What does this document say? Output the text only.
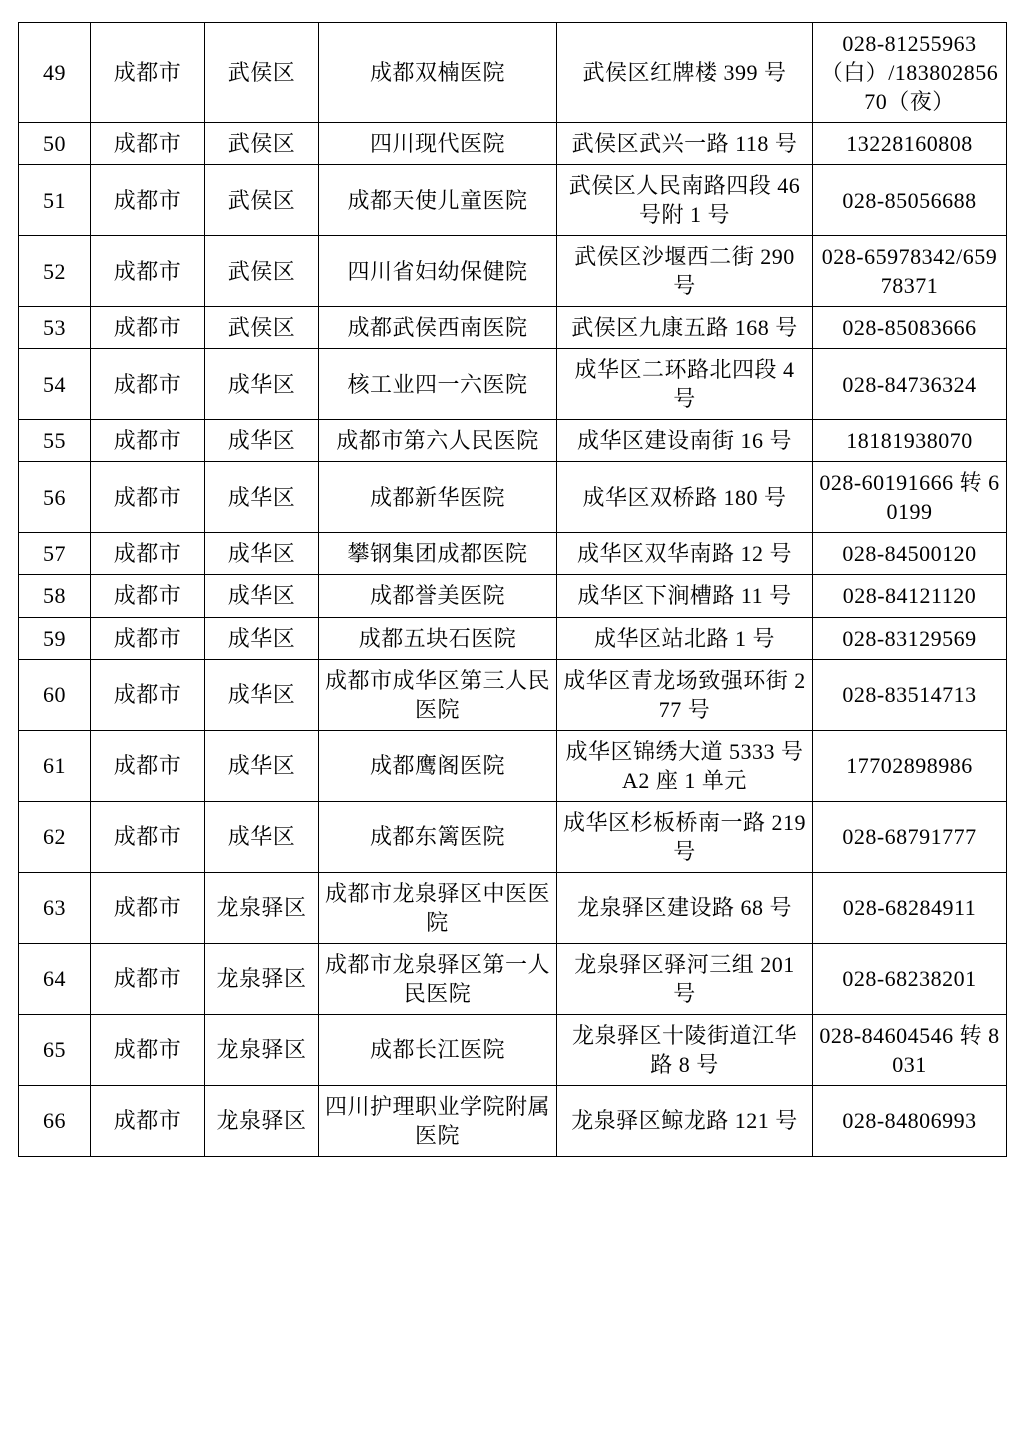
49	成都市	武侯区	成都双楠医院	武侯区红牌楼 399 号	028-81255963（白）/18380285670（夜）
50	成都市	武侯区	四川现代医院	武侯区武兴一路 118 号	13228160808
51	成都市	武侯区	成都天使儿童医院	武侯区人民南路四段 46 号附 1 号	028-85056688
52	成都市	武侯区	四川省妇幼保健院	武侯区沙堰西二街 290 号	028-65978342/65978371
53	成都市	武侯区	成都武侯西南医院	武侯区九康五路 168 号	028-85083666
54	成都市	成华区	核工业四一六医院	成华区二环路北四段 4 号	028-84736324
55	成都市	成华区	成都市第六人民医院	成华区建设南街 16 号	18181938070
56	成都市	成华区	成都新华医院	成华区双桥路 180 号	028-60191666 转 60199
57	成都市	成华区	攀钢集团成都医院	成华区双华南路 12 号	028-84500120
58	成都市	成华区	成都誉美医院	成华区下涧槽路 11 号	028-84121120
59	成都市	成华区	成都五块石医院	成华区站北路 1 号	028-83129569
60	成都市	成华区	成都市成华区第三人民医院	成华区青龙场致强环街 277 号	028-83514713
61	成都市	成华区	成都鹰阁医院	成华区锦绣大道 5333 号 A2 座 1 单元	17702898986
62	成都市	成华区	成都东篱医院	成华区杉板桥南一路 219 号	028-68791777
63	成都市	龙泉驿区	成都市龙泉驿区中医医院	龙泉驿区建设路 68 号	028-68284911
64	成都市	龙泉驿区	成都市龙泉驿区第一人民医院	龙泉驿区驿河三组 201 号	028-68238201
65	成都市	龙泉驿区	成都长江医院	龙泉驿区十陵街道江华路 8 号	028-84604546 转 8031
66	成都市	龙泉驿区	四川护理职业学院附属医院	龙泉驿区鲸龙路 121 号	028-84806993
